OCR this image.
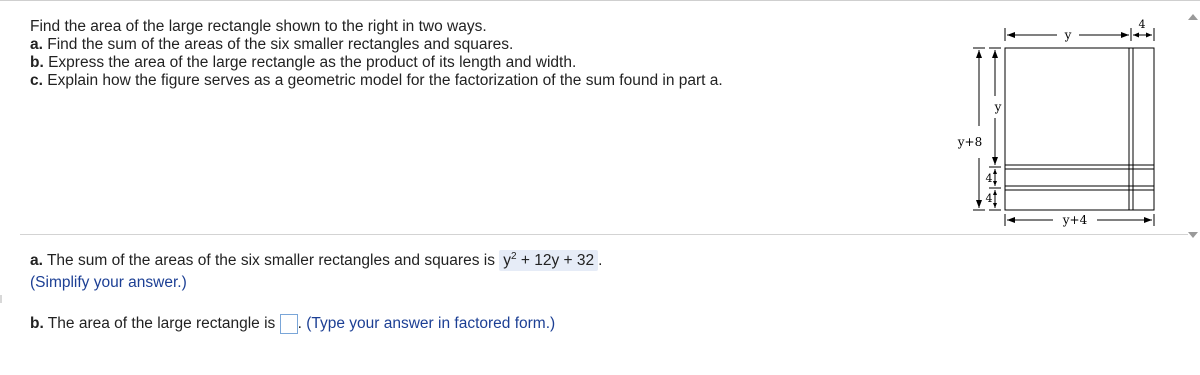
Find the area of the large rectangle shown to the right in two ways.
a. Find the sum of the areas of the six smaller rectangles and squares.
b. Express the area of the large rectangle as the product of its length and width.
c. Explain how the figure serves as a geometric model for the factorization of the sum found in part a.
y
4
y+4
y+8
y
4
4
a. The sum of the areas of the six smaller rectangles and squares is $y^2 + 12y + 32$ .
(Simplify your answer.)
b. The area of the large rectangle is . (Type your answer in factored form.)
